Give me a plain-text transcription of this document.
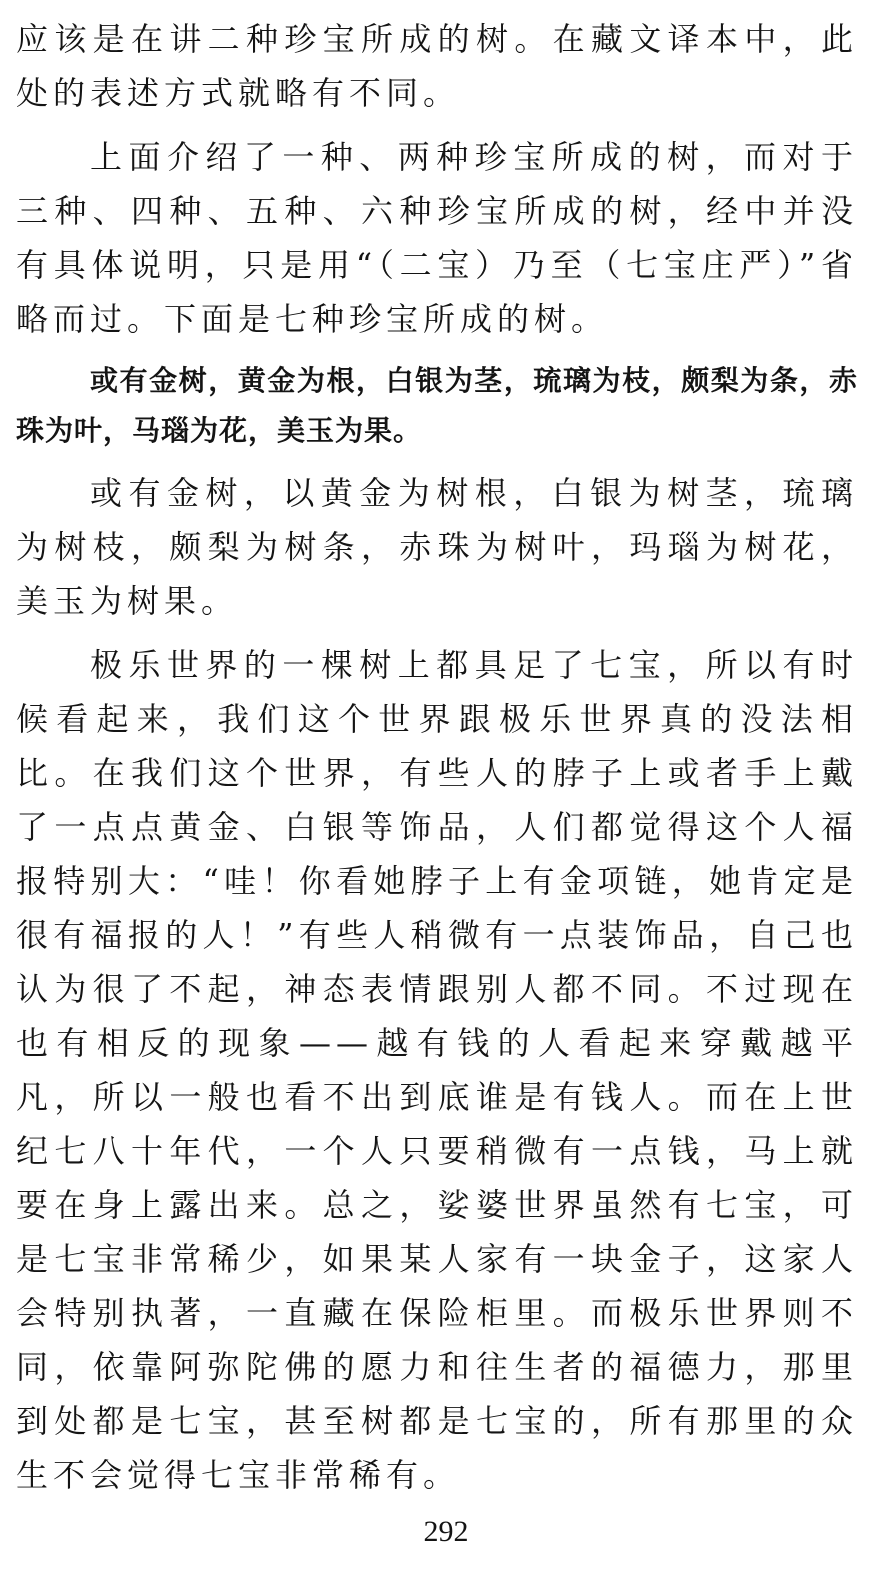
应该是在讲二种珍宝所成的树。在藏文译本中，此处的表述方式就略有不同。

上面介绍了一种、两种珍宝所成的树，而对于三种、四种、五种、六种珍宝所成的树，经中并没有具体说明，只是用“（二宝）乃至（七宝庄严）”省略而过。下面是七种珍宝所成的树。

或有金树，黄金为根，白银为茎，琉璃为枝，颇梨为条，赤珠为叶，马瑙为花，美玉为果。

或有金树，以黄金为树根，白银为树茎，琉璃为树枝，颇梨为树条，赤珠为树叶，玛瑙为树花，美玉为树果。

极乐世界的一棵树上都具足了七宝，所以有时候看起来，我们这个世界跟极乐世界真的没法相比。在我们这个世界，有些人的脖子上或者手上戴了一点点黄金、白银等饰品，人们都觉得这个人福报特别大：“哇！你看她脖子上有金项链，她肯定是很有福报的人！”有些人稍微有一点装饰品，自己也认为很了不起，神态表情跟别人都不同。不过现在也有相反的现象——越有钱的人看起来穿戴越平凡，所以一般也看不出到底谁是有钱人。而在上世纪七八十年代，一个人只要稍微有一点钱，马上就要在身上露出来。总之，娑婆世界虽然有七宝，可是七宝非常稀少，如果某人家有一块金子，这家人会特别执著，一直藏在保险柜里。而极乐世界则不同，依靠阿弥陀佛的愿力和往生者的福德力，那里到处都是七宝，甚至树都是七宝的，所有那里的众生不会觉得七宝非常稀有。

292
